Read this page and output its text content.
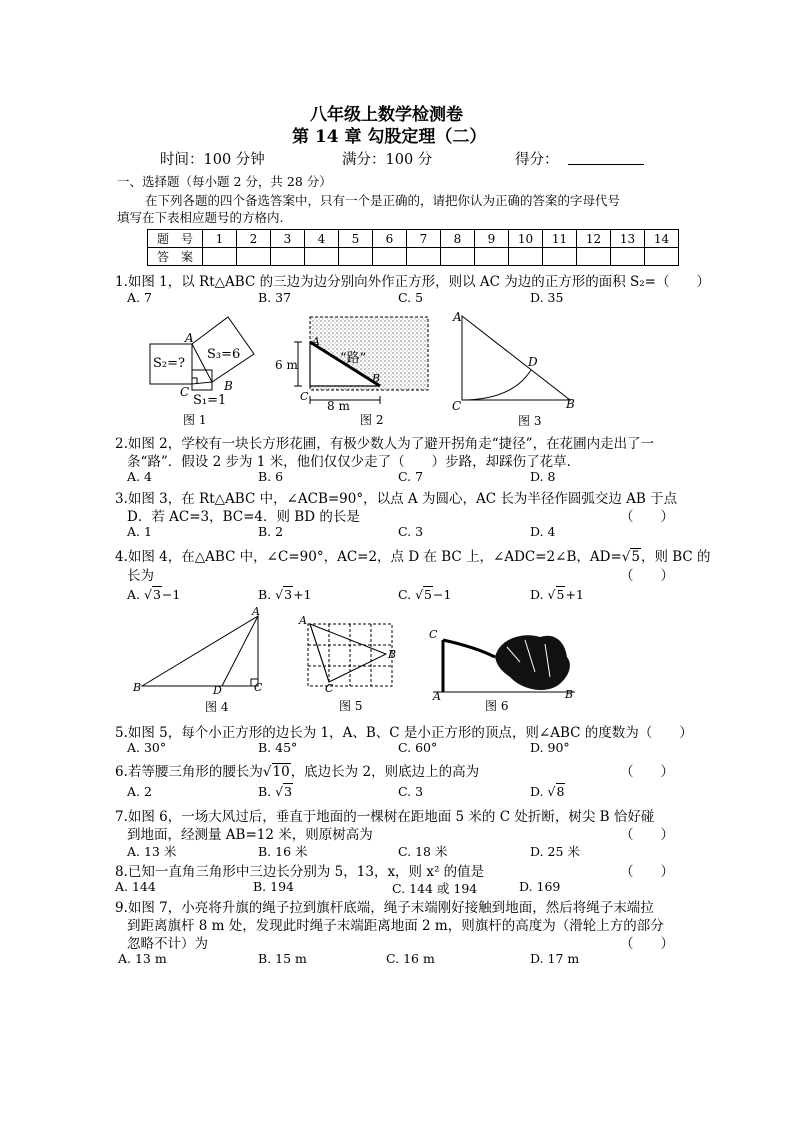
八年级上数学检测卷
第 14 章 勾股定理（二）
时间：100 分钟	满分：100 分	得分：
一、选择题（每小题 2 分，共 28 分）
在下列各题的四个备选答案中，只有一个是正确的，请把你认为正确的答案的字母代号
填写在下表相应题号的方格内.
题　号	1	2	3	4	5	6	7	8	9	10	11	12	13	14
答　案														
1.如图 1，以 Rt△ABC 的三边为边分别向外作正方形，则以 AC 为边的正方形的面积 S₂=（　　）
A. 7	B. 37	C. 5	D. 35
S₂=?
S₃=6
S₁=1
A
C	B
图 1
6 m
8 m
“路”
A
C
B
图 2
A
C	B
D
图 3
2.如图 2，学校有一块长方形花圃，有极少数人为了避开拐角走“捷径”，在花圃内走出了一
条“路”．假设 2 步为 1 米，他们仅仅少走了（　　）步路，却踩伤了花草．
A. 4	B. 6	C. 7	D. 8
3.如图 3，在 Rt△ABC 中，∠ACB=90°，以点 A 为圆心，AC 长为半径作圆弧交边 AB 于点
D．若 AC=3，BC=4．则 BD 的长是	（　　）
A. 1	B. 2	C. 3	D. 4
4.如图 4，在△ABC 中，∠C=90°，AC=2，点 D 在 BC 上，∠ADC=2∠B，AD=√5，则 BC 的
长为	（　　）
A. √3−1	B. √3+1	C. √5−1	D. √5+1
A
B	D	C
图 4
A
B
C
图 5
C
A	B
图 6
5.如图 5，每个小正方形的边长为 1，A、B、C 是小正方形的顶点，则∠ABC 的度数为（　　）
A. 30°	B. 45°	C. 60°	D. 90°
6.若等腰三角形的腰长为√10，底边长为 2，则底边上的高为	（　　）
A. 2	B. √3	C. 3	D. √8
7.如图 6，一场大风过后，垂直于地面的一棵树在距地面 5 米的 C 处折断，树尖 B 恰好碰
到地面，经测量 AB=12 米，则原树高为	（　　）
A. 13 米	B. 16 米	C. 18 米	D. 25 米
8.已知一直角三角形中三边长分别为 5，13，x，则 x² 的值是	（　　）
A. 144	B. 194	C. 144 或 194	D. 169
9.如图 7，小亮将升旗的绳子拉到旗杆底端，绳子末端刚好接触到地面，然后将绳子末端拉
到距离旗杆 8 m 处，发现此时绳子末端距离地面 2 m，则旗杆的高度为（滑轮上方的部分
忽略不计）为	（　　）
A. 13 m	B. 15 m	C. 16 m	D. 17 m
